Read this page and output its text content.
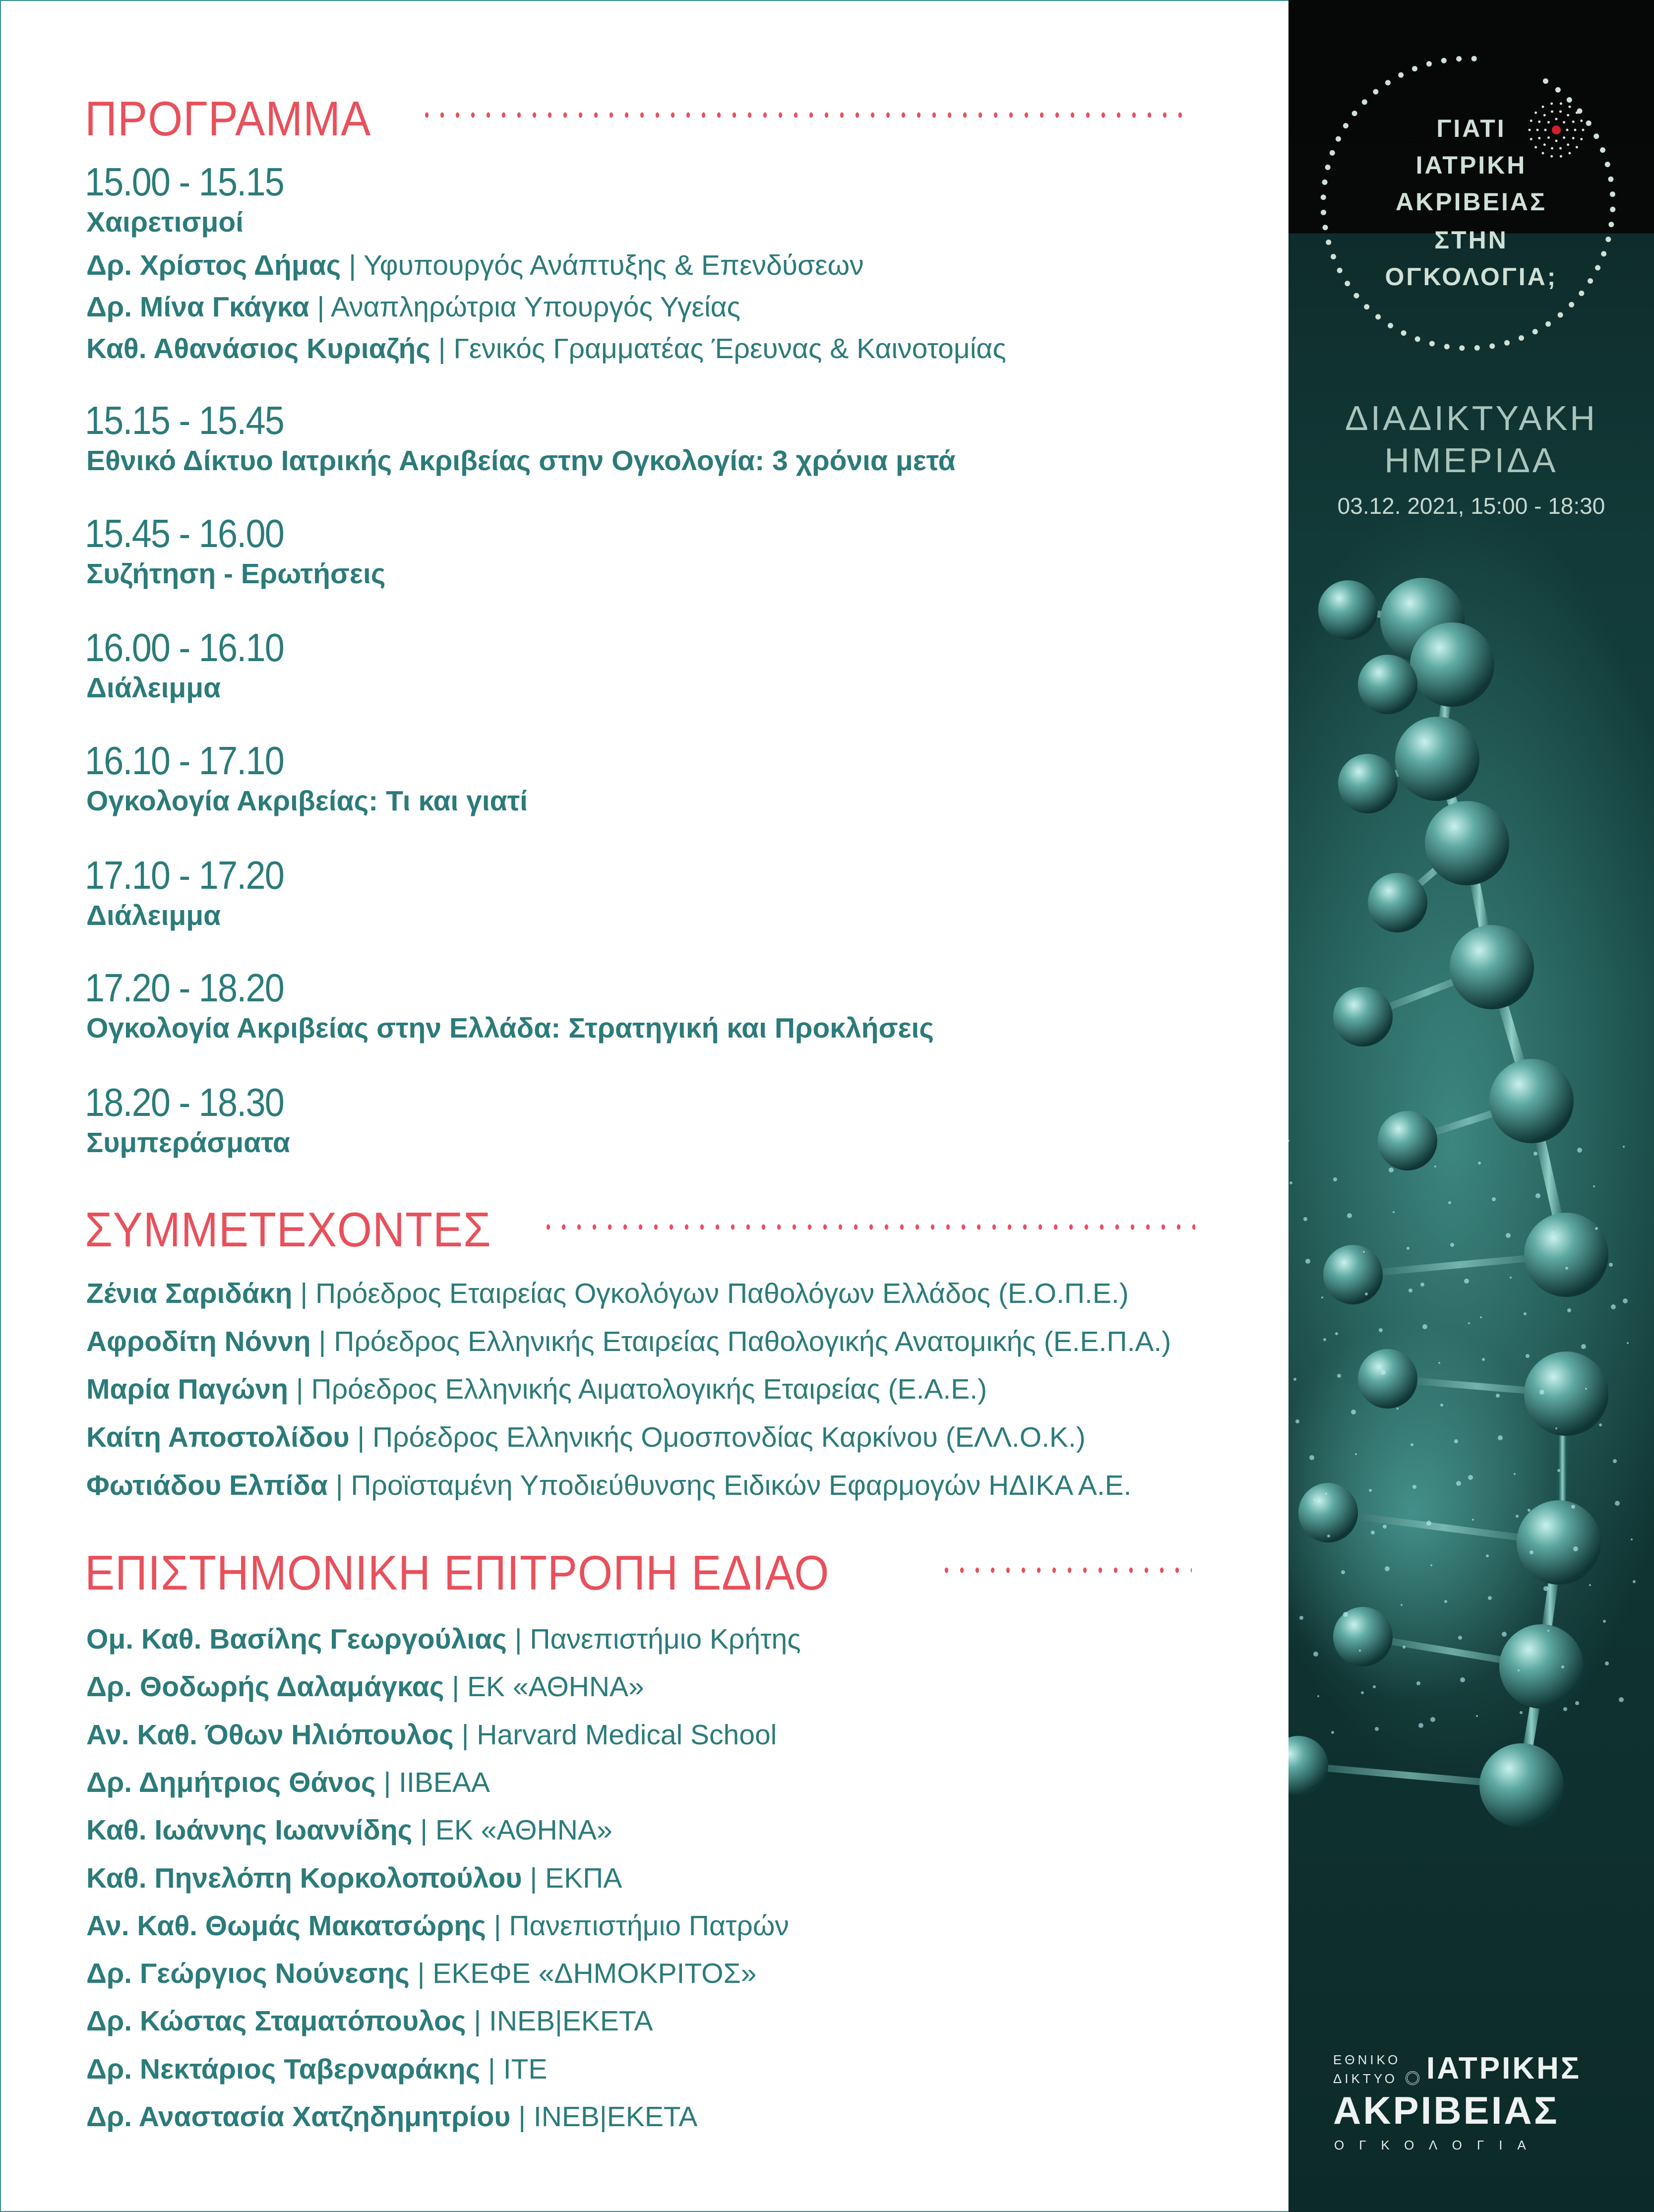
ΠΡΟΓΡΑΜΜΑ
ΣΥΜΜΕΤΕΧΟΝΤΕΣ
ΕΠΙΣΤΗΜΟΝΙΚΗ ΕΠΙΤΡΟΠΗ ΕΔΙΑΟ
15.00 - 15.15
Χαιρετισμοί
Δρ. Χρίστος Δήμας | Υφυπουργός Ανάπτυξης & Επενδύσεων
Δρ. Μίνα Γκάγκα | Αναπληρώτρια Υπουργός Υγείας
Καθ. Αθανάσιος Κυριαζής | Γενικός Γραμματέας Έρευνας & Καινοτομίας
15.15 - 15.45
Εθνικό Δίκτυο Ιατρικής Ακριβείας στην Ογκολογία: 3 χρόνια μετά
15.45 - 16.00
Συζήτηση - Ερωτήσεις
16.00 - 16.10
Διάλειμμα
16.10 - 17.10
Ογκολογία Ακριβείας: Τι και γιατί
17.10 - 17.20
Διάλειμμα
17.20 - 18.20
Ογκολογία Ακριβείας στην Ελλάδα: Στρατηγική και Προκλήσεις
18.20 - 18.30
Συμπεράσματα
Ζένια Σαριδάκη | Πρόεδρος Εταιρείας Ογκολόγων Παθολόγων Ελλάδος (Ε.Ο.Π.Ε.)
Αφροδίτη Νόννη | Πρόεδρος Ελληνικής Εταιρείας Παθολογικής Ανατομικής (Ε.Ε.Π.Α.)
Μαρία Παγώνη | Πρόεδρος Ελληνικής Αιματολογικής Εταιρείας (Ε.Α.Ε.)
Καίτη Αποστολίδου | Πρόεδρος Ελληνικής Ομοσπονδίας Καρκίνου (ΕΛΛ.Ο.Κ.)
Φωτιάδου Ελπίδα | Προϊσταμένη Υποδιεύθυνσης Ειδικών Εφαρμογών ΗΔΙΚΑ Α.Ε.
Ομ. Καθ. Βασίλης Γεωργούλιας | Πανεπιστήμιο Κρήτης
Δρ. Θοδωρής Δαλαμάγκας | ΕΚ «ΑΘΗΝΑ»
Αν. Καθ. Όθων Ηλιόπουλος | Harvard Medical School
Δρ. Δημήτριος Θάνος | ΙΙΒΕΑΑ
Καθ. Ιωάννης Ιωαννίδης | ΕΚ «ΑΘΗΝΑ»
Καθ. Πηνελόπη Κορκολοπούλου | ΕΚΠΑ
Αν. Καθ. Θωμάς Μακατσώρης | Πανεπιστήμιο Πατρών
Δρ. Γεώργιος Νούνεσης | ΕΚΕΦΕ «ΔΗΜΟΚΡΙΤΟΣ»
Δρ. Κώστας Σταματόπουλος | ΙΝΕΒ|ΕΚΕΤΑ
Δρ. Νεκτάριος Ταβερναράκης | ΙΤΕ
Δρ. Αναστασία Χατζηδημητρίου | ΙΝΕΒ|ΕΚΕΤΑ
ΓΙΑΤΙ
ΙΑΤΡΙΚΗ
ΑΚΡΙΒΕΙΑΣ
ΣΤΗΝ
ΟΓΚΟΛΟΓΙΑ;
ΔΙΑΔΙΚΤΥΑΚΗ
ΗΜΕΡΙΔΑ
03.12. 2021, 15:00 - 18:30
ΕΘΝΙΚΟ
ΔΙΚΤΥΟ ΙΑΤΡΙΚΗΣ
ΑΚΡΙΒΕΙΑΣ
ΟΓΚΟΛΟΓΙΑ
